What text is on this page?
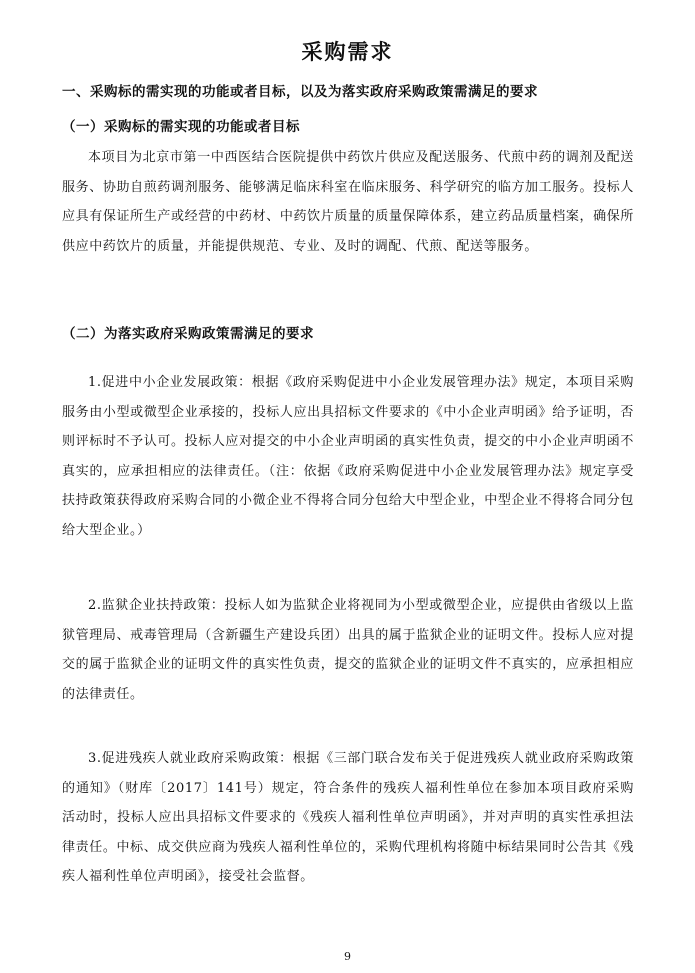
采购需求
一、采购标的需实现的功能或者目标，以及为落实政府采购政策需满足的要求
（一）采购标的需实现的功能或者目标
本项目为北京市第一中西医结合医院提供中药饮片供应及配送服务、代煎中药的调剂及配送服务、协助自煎药调剂服务、能够满足临床科室在临床服务、科学研究的临方加工服务。投标人应具有保证所生产或经营的中药材、中药饮片质量的质量保障体系，建立药品质量档案，确保所供应中药饮片的质量，并能提供规范、专业、及时的调配、代煎、配送等服务。
（二）为落实政府采购政策需满足的要求
1.促进中小企业发展政策：根据《政府采购促进中小企业发展管理办法》规定，本项目采购服务由小型或微型企业承接的，投标人应出具招标文件要求的《中小企业声明函》给予证明，否则评标时不予认可。投标人应对提交的中小企业声明函的真实性负责，提交的中小企业声明函不真实的，应承担相应的法律责任。（注：依据《政府采购促进中小企业发展管理办法》规定享受扶持政策获得政府采购合同的小微企业不得将合同分包给大中型企业，中型企业不得将合同分包给大型企业。）
2.监狱企业扶持政策：投标人如为监狱企业将视同为小型或微型企业，应提供由省级以上监狱管理局、戒毒管理局（含新疆生产建设兵团）出具的属于监狱企业的证明文件。投标人应对提交的属于监狱企业的证明文件的真实性负责，提交的监狱企业的证明文件不真实的，应承担相应的法律责任。
3.促进残疾人就业政府采购政策：根据《三部门联合发布关于促进残疾人就业政府采购政策的通知》（财库〔2017〕141号）规定，符合条件的残疾人福利性单位在参加本项目政府采购活动时，投标人应出具招标文件要求的《残疾人福利性单位声明函》，并对声明的真实性承担法律责任。中标、成交供应商为残疾人福利性单位的，采购代理机构将随中标结果同时公告其《残疾人福利性单位声明函》，接受社会监督。
9
